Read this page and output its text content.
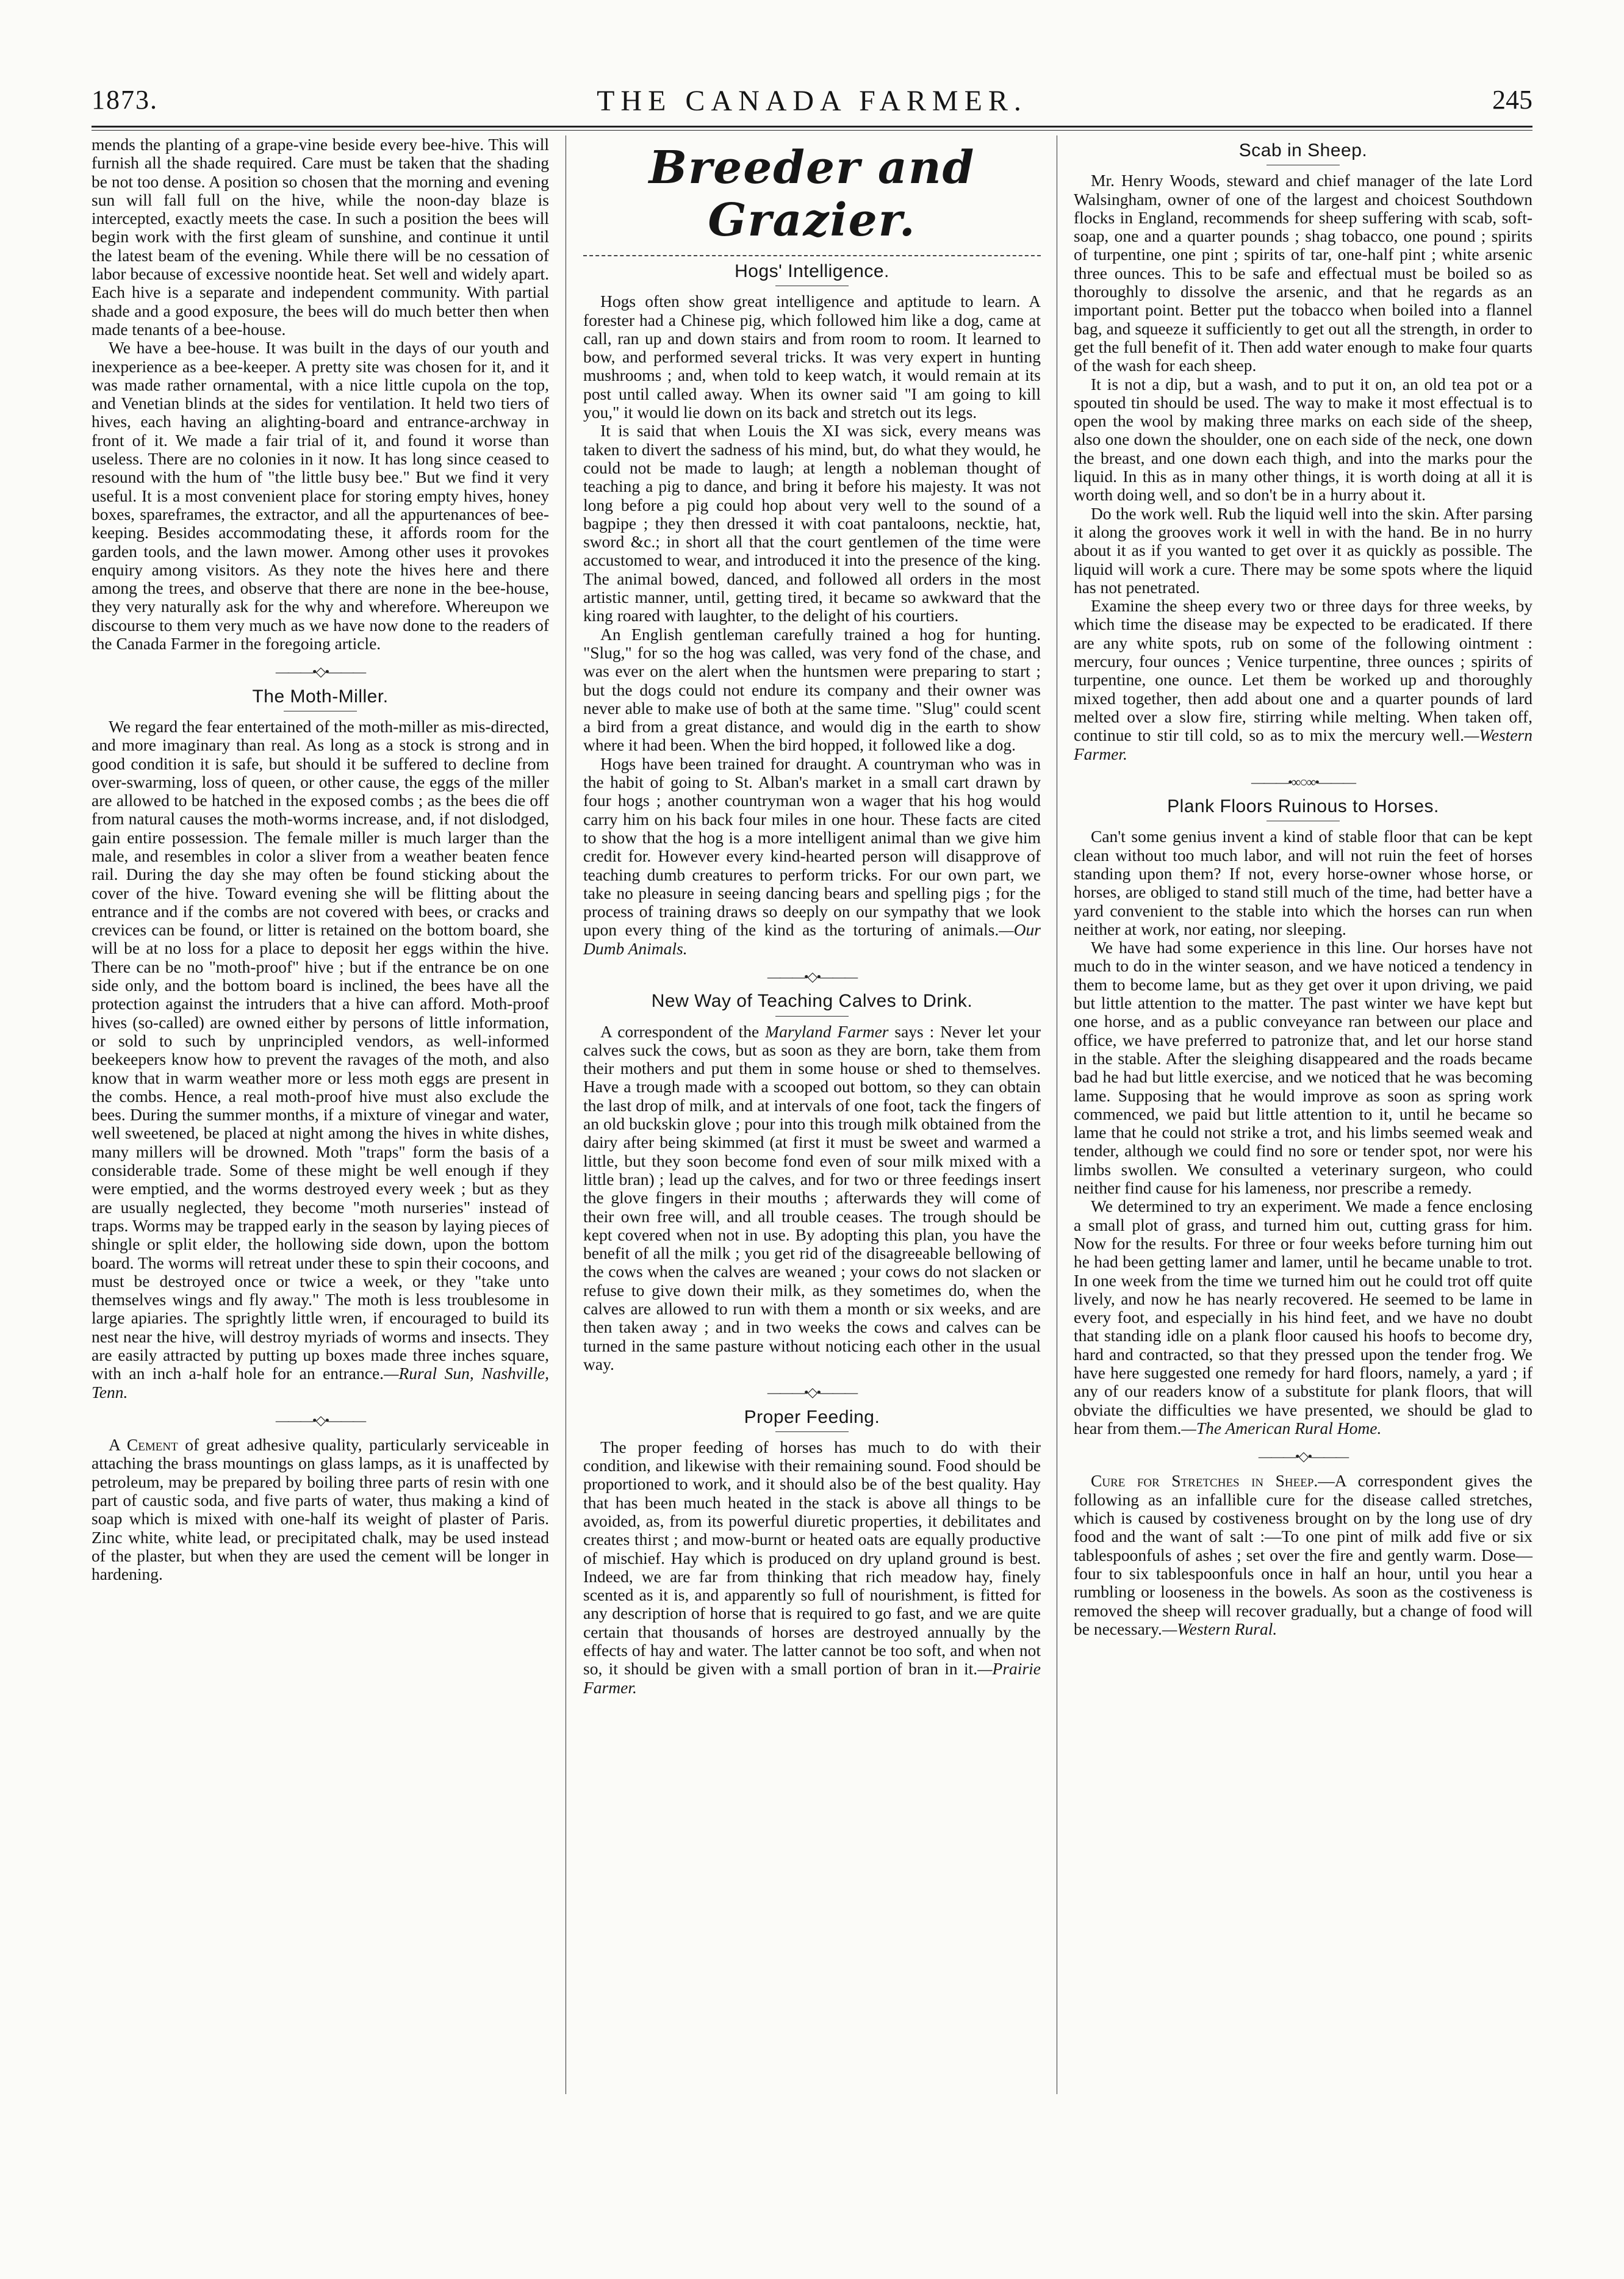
1873.	THE CANADA FARMER.	245

mends the planting of a grape-vine beside every bee-hive. This will furnish all the shade required. Care must be taken that the shading be not too dense. A position so chosen that the morning and evening sun will fall full on the hive, while the noon-day blaze is intercepted, exactly meets the case. In such a position the bees will begin work with the first gleam of sunshine, and continue it until the latest beam of the evening. While there will be no cessation of labor because of excessive noontide heat. Set well and widely apart. Each hive is a separate and independent community. With partial shade and a good exposure, the bees will do much better then when made tenants of a bee-house.

We have a bee-house. It was built in the days of our youth and inexperience as a bee-keeper. A pretty site was chosen for it, and it was made rather ornamental, with a nice little cupola on the top, and Venetian blinds at the sides for ventilation. It held two tiers of hives, each having an alighting-board and entrance-archway in front of it. We made a fair trial of it, and found it worse than useless. There are no colonies in it now. It has long since ceased to resound with the hum of "the little busy bee." But we find it very useful. It is a most convenient place for storing empty hives, honey boxes, spareframes, the extractor, and all the appurtenances of bee-keeping. Besides accommodating these, it affords room for the garden tools, and the lawn mower. Among other uses it provokes enquiry among visitors. As they note the hives here and there among the trees, and observe that there are none in the bee-house, they very naturally ask for the why and wherefore. Whereupon we discourse to them very much as we have now done to the readers of the Canada Farmer in the foregoing article.

———•◇•———
The Moth-Miller.

We regard the fear entertained of the moth-miller as mis-directed, and more imaginary than real. As long as a stock is strong and in good condition it is safe, but should it be suffered to decline from over-swarming, loss of queen, or other cause, the eggs of the miller are allowed to be hatched in the exposed combs ; as the bees die off from natural causes the moth-worms increase, and, if not dislodged, gain entire possession. The female miller is much larger than the male, and resembles in color a sliver from a weather beaten fence rail. During the day she may often be found sticking about the cover of the hive. Toward evening she will be flitting about the entrance and if the combs are not covered with bees, or cracks and crevices can be found, or litter is retained on the bottom board, she will be at no loss for a place to deposit her eggs within the hive. There can be no "moth-proof" hive ; but if the entrance be on one side only, and the bottom board is inclined, the bees have all the protection against the intruders that a hive can afford. Moth-proof hives (so-called) are owned either by persons of little information, or sold to such by unprincipled vendors, as well-informed beekeepers know how to prevent the ravages of the moth, and also know that in warm weather more or less moth eggs are present in the combs. Hence, a real moth-proof hive must also exclude the bees. During the summer months, if a mixture of vinegar and water, well sweetened, be placed at night among the hives in white dishes, many millers will be drowned. Moth "traps" form the basis of a considerable trade. Some of these might be well enough if they were emptied, and the worms destroyed every week ; but as they are usually neglected, they become "moth nurseries" instead of traps. Worms may be trapped early in the season by laying pieces of shingle or split elder, the hollowing side down, upon the bottom board. The worms will retreat under these to spin their cocoons, and must be destroyed once or twice a week, or they "take unto themselves wings and fly away." The moth is less troublesome in large apiaries. The sprightly little wren, if encouraged to build its nest near the hive, will destroy myriads of worms and insects. They are easily attracted by putting up boxes made three inches square, with an inch a-half hole for an entrance.—Rural Sun, Nashville, Tenn.

———•◇•———

A Cement of great adhesive quality, particularly serviceable in attaching the brass mountings on glass lamps, as it is unaffected by petroleum, may be prepared by boiling three parts of resin with one part of caustic soda, and five parts of water, thus making a kind of soap which is mixed with one-half its weight of plaster of Paris. Zinc white, white lead, or precipitated chalk, may be used instead of the plaster, but when they are used the cement will be longer in hardening.

Breeder and Grazier.
Hogs' Intelligence.

Hogs often show great intelligence and aptitude to learn. A forester had a Chinese pig, which followed him like a dog, came at call, ran up and down stairs and from room to room. It learned to bow, and performed several tricks. It was very expert in hunting mushrooms ; and, when told to keep watch, it would remain at its post until called away. When its owner said "I am going to kill you," it would lie down on its back and stretch out its legs.

It is said that when Louis the XI was sick, every means was taken to divert the sadness of his mind, but, do what they would, he could not be made to laugh; at length a nobleman thought of teaching a pig to dance, and bring it before his majesty. It was not long before a pig could hop about very well to the sound of a bagpipe ; they then dressed it with coat pantaloons, necktie, hat, sword &c.; in short all that the court gentlemen of the time were accustomed to wear, and introduced it into the presence of the king. The animal bowed, danced, and followed all orders in the most artistic manner, until, getting tired, it became so awkward that the king roared with laughter, to the delight of his courtiers.

An English gentleman carefully trained a hog for hunting. "Slug," for so the hog was called, was very fond of the chase, and was ever on the alert when the huntsmen were preparing to start ; but the dogs could not endure its company and their owner was never able to make use of both at the same time. "Slug" could scent a bird from a great distance, and would dig in the earth to show where it had been. When the bird hopped, it followed like a dog.

Hogs have been trained for draught. A countryman who was in the habit of going to St. Alban's market in a small cart drawn by four hogs ; another countryman won a wager that his hog would carry him on his back four miles in one hour. These facts are cited to show that the hog is a more intelligent animal than we give him credit for. However every kind-hearted person will disapprove of teaching dumb creatures to perform tricks. For our own part, we take no pleasure in seeing dancing bears and spelling pigs ; for the process of training draws so deeply on our sympathy that we look upon every thing of the kind as the torturing of animals.—Our Dumb Animals.

———•◇•———
New Way of Teaching Calves to Drink.

A correspondent of the Maryland Farmer says : Never let your calves suck the cows, but as soon as they are born, take them from their mothers and put them in some house or shed to themselves. Have a trough made with a scooped out bottom, so they can obtain the last drop of milk, and at intervals of one foot, tack the fingers of an old buckskin glove ; pour into this trough milk obtained from the dairy after being skimmed (at first it must be sweet and warmed a little, but they soon become fond even of sour milk mixed with a little bran) ; lead up the calves, and for two or three feedings insert the glove fingers in their mouths ; afterwards they will come of their own free will, and all trouble ceases. The trough should be kept covered when not in use. By adopting this plan, you have the benefit of all the milk ; you get rid of the disagreeable bellowing of the cows when the calves are weaned ; your cows do not slacken or refuse to give down their milk, as they sometimes do, when the calves are allowed to run with them a month or six weeks, and are then taken away ; and in two weeks the cows and calves can be turned in the same pasture without noticing each other in the usual way.

———•◇•———
Proper Feeding.

The proper feeding of horses has much to do with their condition, and likewise with their remaining sound. Food should be proportioned to work, and it should also be of the best quality. Hay that has been much heated in the stack is above all things to be avoided, as, from its powerful diuretic properties, it debilitates and creates thirst ; and mow-burnt or heated oats are equally productive of mischief. Hay which is produced on dry upland ground is best. Indeed, we are far from thinking that rich meadow hay, finely scented as it is, and apparently so full of nourishment, is fitted for any description of horse that is required to go fast, and we are quite certain that thousands of horses are destroyed annually by the effects of hay and water. The latter cannot be too soft, and when not so, it should be given with a small portion of bran in it.—Prairie Farmer.

Scab in Sheep.

Mr. Henry Woods, steward and chief manager of the late Lord Walsingham, owner of one of the largest and choicest Southdown flocks in England, recommends for sheep suffering with scab, soft-soap, one and a quarter pounds ; shag tobacco, one pound ; spirits of turpentine, one pint ; spirits of tar, one-half pint ; white arsenic three ounces. This to be safe and effectual must be boiled so as thoroughly to dissolve the arsenic, and that he regards as an important point. Better put the tobacco when boiled into a flannel bag, and squeeze it sufficiently to get out all the strength, in order to get the full benefit of it. Then add water enough to make four quarts of the wash for each sheep.

It is not a dip, but a wash, and to put it on, an old tea pot or a spouted tin should be used. The way to make it most effectual is to open the wool by making three marks on each side of the sheep, also one down the shoulder, one on each side of the neck, one down the breast, and one down each thigh, and into the marks pour the liquid. In this as in many other things, it is worth doing at all it is worth doing well, and so don't be in a hurry about it.

Do the work well. Rub the liquid well into the skin. After parsing it along the grooves work it well in with the hand. Be in no hurry about it as if you wanted to get over it as quickly as possible. The liquid will work a cure. There may be some spots where the liquid has not penetrated.

Examine the sheep every two or three days for three weeks, by which time the disease may be expected to be eradicated. If there are any white spots, rub on some of the following ointment : mercury, four ounces ; Venice turpentine, three ounces ; spirits of turpentine, one ounce. Let them be worked up and thoroughly mixed together, then add about one and a quarter pounds of lard melted over a slow fire, stirring while melting. When taken off, continue to stir till cold, so as to mix the mercury well.—Western Farmer.

———•∞○∞•———
Plank Floors Ruinous to Horses.

Can't some genius invent a kind of stable floor that can be kept clean without too much labor, and will not ruin the feet of horses standing upon them? If not, every horse-owner whose horse, or horses, are obliged to stand still much of the time, had better have a yard convenient to the stable into which the horses can run when neither at work, nor eating, nor sleeping.

We have had some experience in this line. Our horses have not much to do in the winter season, and we have noticed a tendency in them to become lame, but as they get over it upon driving, we paid but little attention to the matter. The past winter we have kept but one horse, and as a public conveyance ran between our place and office, we have preferred to patronize that, and let our horse stand in the stable. After the sleighing disappeared and the roads became bad he had but little exercise, and we noticed that he was becoming lame. Supposing that he would improve as soon as spring work commenced, we paid but little attention to it, until he became so lame that he could not strike a trot, and his limbs seemed weak and tender, although we could find no sore or tender spot, nor were his limbs swollen. We consulted a veterinary surgeon, who could neither find cause for his lameness, nor prescribe a remedy.

We determined to try an experiment. We made a fence enclosing a small plot of grass, and turned him out, cutting grass for him. Now for the results. For three or four weeks before turning him out he had been getting lamer and lamer, until he became unable to trot. In one week from the time we turned him out he could trot off quite lively, and now he has nearly recovered. He seemed to be lame in every foot, and especially in his hind feet, and we have no doubt that standing idle on a plank floor caused his hoofs to become dry, hard and contracted, so that they pressed upon the tender frog. We have here suggested one remedy for hard floors, namely, a yard ; if any of our readers know of a substitute for plank floors, that will obviate the difficulties we have presented, we should be glad to hear from them.—The American Rural Home.

———•◇•———

Cure for Stretches in Sheep.—A correspondent gives the following as an infallible cure for the disease called stretches, which is caused by costiveness brought on by the long use of dry food and the want of salt :—To one pint of milk add five or six tablespoonfuls of ashes ; set over the fire and gently warm. Dose—four to six tablespoonfuls once in half an hour, until you hear a rumbling or looseness in the bowels. As soon as the costiveness is removed the sheep will recover gradually, but a change of food will be necessary.—Western Rural.
